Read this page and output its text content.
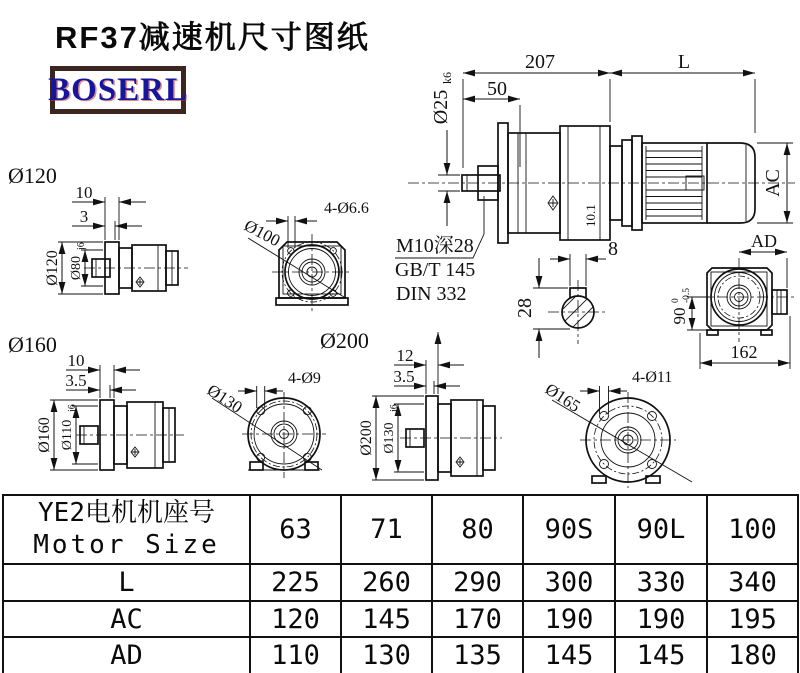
RF37减速机尺寸图纸
BOSERL
207	L
50
Ø25
k6
AC
10.1
M10深28
GB/T 145
DIN 332
8
28
AD
90
0 -0.5
162
Ø120
10
3
Ø120 Ø80
j6
4-Ø6.6
Ø100
Ø160
10
3.5
Ø160 Ø110
j6
Ø200
4-Ø9
Ø130
12
3.5
Ø200 Ø130
j6
4-Ø11
Ø165
YE2电机机座号
Motor Size	63	71	80	90S	90L	100
L	225	260	290	300	330	340
AC	120	145	170	190	190	195
AD	110	130	135	145	145	180
